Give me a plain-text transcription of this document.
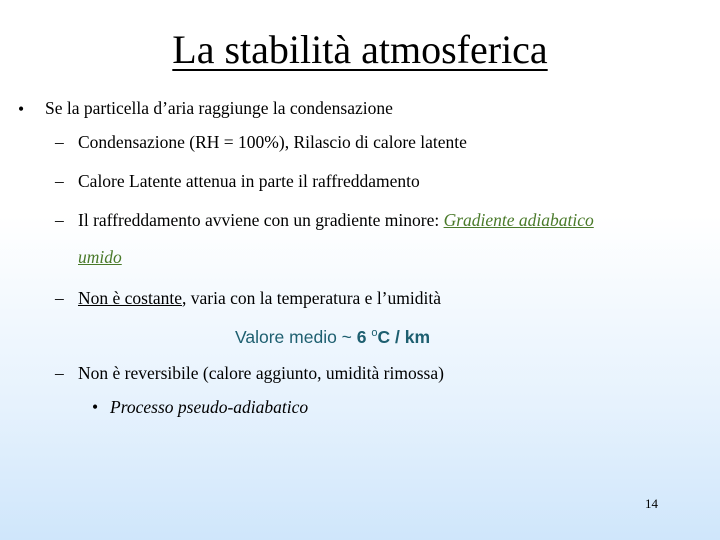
La stabilità atmosferica
• Se la particella d’aria raggiunge la condensazione
– Condensazione (RH = 100%), Rilascio di calore latente
– Calore Latente attenua in parte il raffreddamento
– Il raffreddamento avviene con un gradiente minore: Gradiente adiabatico
umido
– Non è costante, varia con la temperatura e l’umidità
Valore medio ~ 6 $^o$C / km
– Non è reversibile (calore aggiunto, umidità rimossa)
• Processo pseudo-adiabatico
14
